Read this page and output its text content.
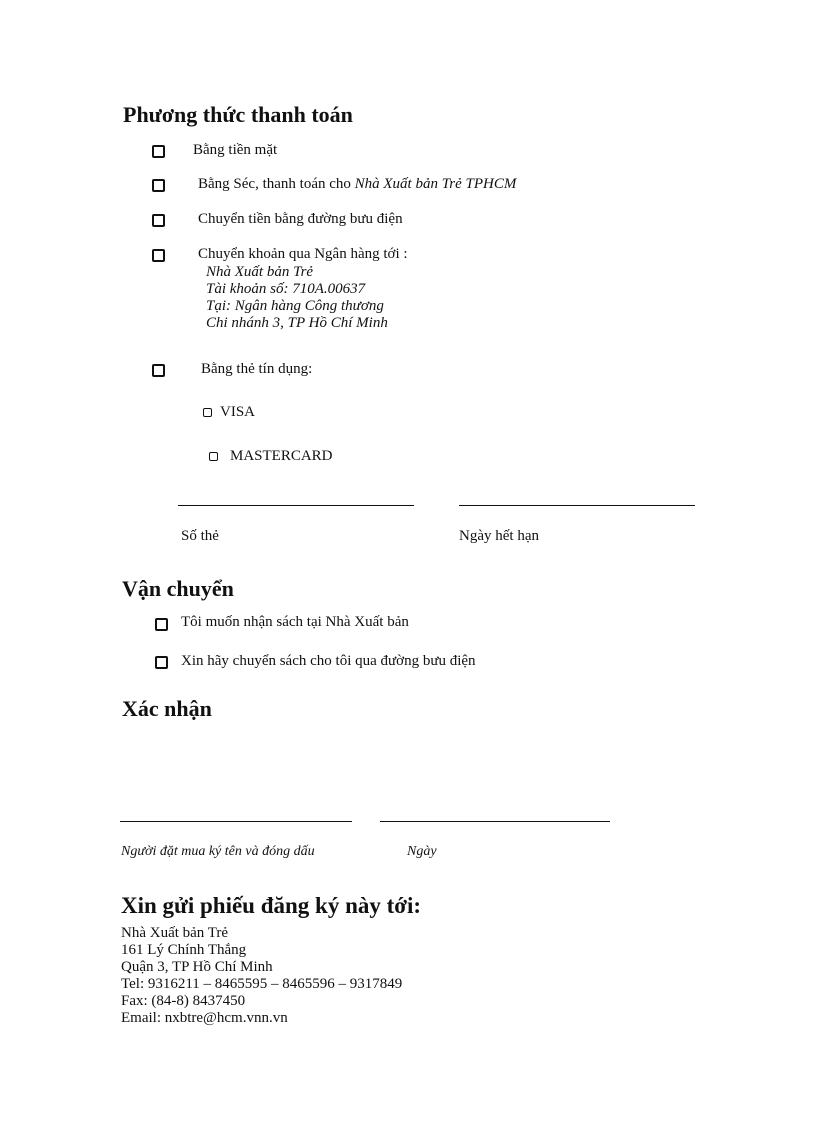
Phương thức thanh toán
Bằng tiền mặt
Bằng Séc, thanh toán cho Nhà Xuất bản Trẻ TPHCM
Chuyển tiền bằng đường bưu điện
Chuyển khoản qua Ngân hàng tới :
Nhà Xuất bản Trẻ
Tài khoản số: 710A.00637
Tại: Ngân hàng Công thương
Chi nhánh 3, TP Hồ Chí Minh
Bằng thẻ tín dụng:
VISA
MASTERCARD
Số thẻ	Ngày hết hạn
Vận chuyển
Tôi muốn nhận sách tại Nhà Xuất bản
Xin hãy chuyển sách cho tôi qua đường bưu điện
Xác nhận
Người đặt mua ký tên và đóng dấu	Ngày
Xin gửi phiếu đăng ký này tới:
Nhà Xuất bản Trẻ
161 Lý Chính Thắng
Quận 3, TP Hồ Chí Minh
Tel: 9316211 – 8465595 – 8465596 – 9317849
Fax: (84-8) 8437450
Email: nxbtre@hcm.vnn.vn
